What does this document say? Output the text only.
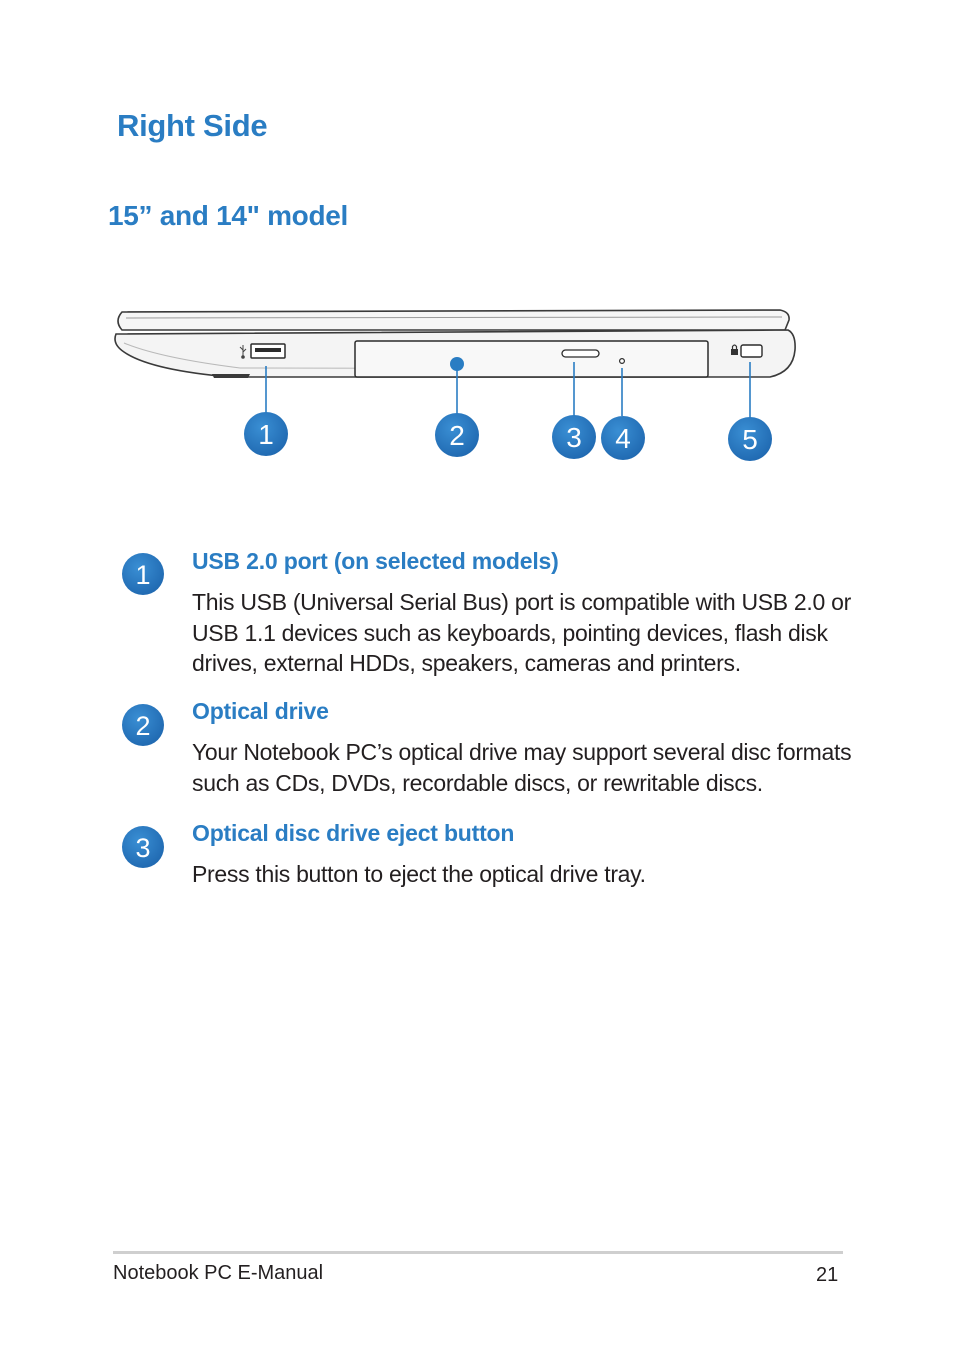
Right Side
15” and 14" model
1	2	3 4	5
1 USB 2.0 port (on selected models)

This USB (Universal Serial Bus) port is compatible with USB 2.0 or USB 1.1 devices such as keyboards, pointing devices, flash disk drives, external HDDs, speakers, cameras and printers.

2 Optical drive

Your Notebook PC’s optical drive may support several disc formats such as CDs, DVDs, recordable discs, or rewritable discs.

3 Optical disc drive eject button

Press this button to eject the optical drive tray.

Notebook PC E-Manual	21
